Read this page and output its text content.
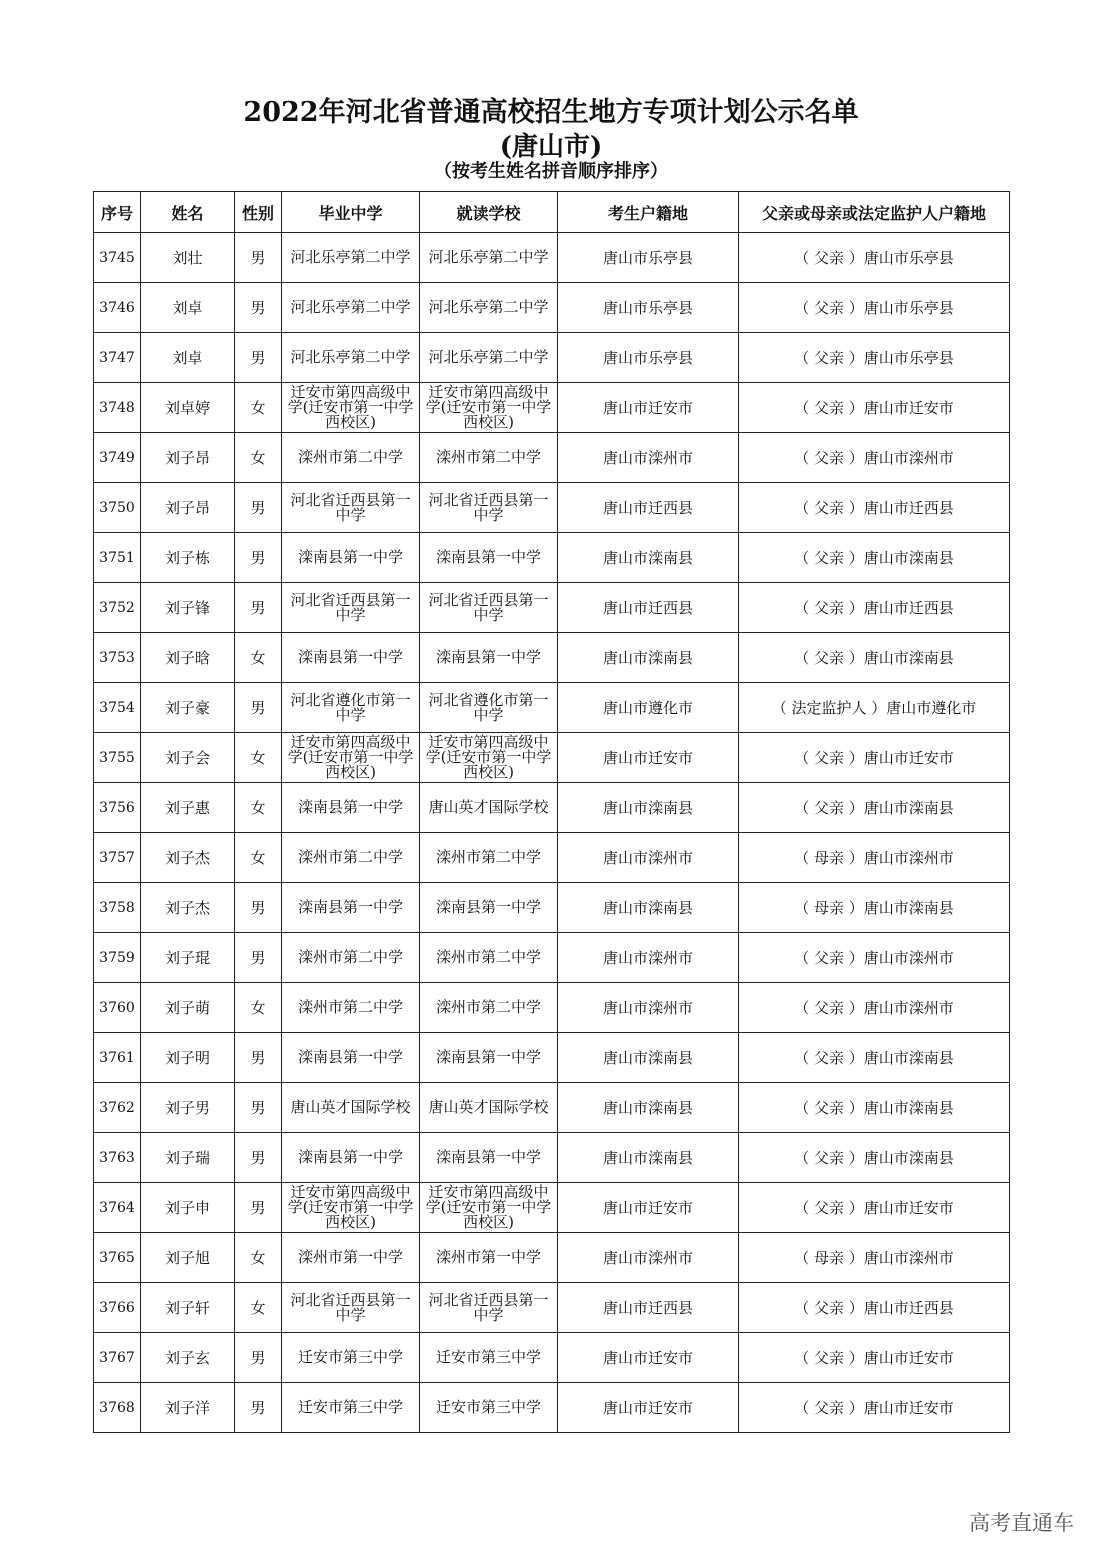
2022年河北省普通高校招生地方专项计划公示名单
(唐山市)
（按考生姓名拼音顺序排序）
序号	姓名	性别	毕业中学	就读学校	考生户籍地	父亲或母亲或法定监护人户籍地
3745	刘壮	男	河北乐亭第二中学	河北乐亭第二中学	唐山市乐亭县	（ 父亲 ）唐山市乐亭县
3746	刘卓	男	河北乐亭第二中学	河北乐亭第二中学	唐山市乐亭县	（ 父亲 ）唐山市乐亭县
3747	刘卓	男	河北乐亭第二中学	河北乐亭第二中学	唐山市乐亭县	（ 父亲 ）唐山市乐亭县
3748	刘卓婷	女	迁安市第四高级中学(迁安市第一中学西校区)	迁安市第四高级中学(迁安市第一中学西校区)	唐山市迁安市	（ 父亲 ）唐山市迁安市
3749	刘子昂	女	滦州市第二中学	滦州市第二中学	唐山市滦州市	（ 父亲 ）唐山市滦州市
3750	刘子昂	男	河北省迁西县第一中学	河北省迁西县第一中学	唐山市迁西县	（ 父亲 ）唐山市迁西县
3751	刘子栋	男	滦南县第一中学	滦南县第一中学	唐山市滦南县	（ 父亲 ）唐山市滦南县
3752	刘子锋	男	河北省迁西县第一中学	河北省迁西县第一中学	唐山市迁西县	（ 父亲 ）唐山市迁西县
3753	刘子晗	女	滦南县第一中学	滦南县第一中学	唐山市滦南县	（ 父亲 ）唐山市滦南县
3754	刘子豪	男	河北省遵化市第一中学	河北省遵化市第一中学	唐山市遵化市	（ 法定监护人 ）唐山市遵化市
3755	刘子会	女	迁安市第四高级中学(迁安市第一中学西校区)	迁安市第四高级中学(迁安市第一中学西校区)	唐山市迁安市	（ 父亲 ）唐山市迁安市
3756	刘子惠	女	滦南县第一中学	唐山英才国际学校	唐山市滦南县	（ 父亲 ）唐山市滦南县
3757	刘子杰	女	滦州市第二中学	滦州市第二中学	唐山市滦州市	（ 母亲 ）唐山市滦州市
3758	刘子杰	男	滦南县第一中学	滦南县第一中学	唐山市滦南县	（ 母亲 ）唐山市滦南县
3759	刘子琨	男	滦州市第二中学	滦州市第二中学	唐山市滦州市	（ 父亲 ）唐山市滦州市
3760	刘子萌	女	滦州市第二中学	滦州市第二中学	唐山市滦州市	（ 父亲 ）唐山市滦州市
3761	刘子明	男	滦南县第一中学	滦南县第一中学	唐山市滦南县	（ 父亲 ）唐山市滦南县
3762	刘子男	男	唐山英才国际学校	唐山英才国际学校	唐山市滦南县	（ 父亲 ）唐山市滦南县
3763	刘子瑞	男	滦南县第一中学	滦南县第一中学	唐山市滦南县	（ 父亲 ）唐山市滦南县
3764	刘子申	男	迁安市第四高级中学(迁安市第一中学西校区)	迁安市第四高级中学(迁安市第一中学西校区)	唐山市迁安市	（ 父亲 ）唐山市迁安市
3765	刘子旭	女	滦州市第一中学	滦州市第一中学	唐山市滦州市	（ 母亲 ）唐山市滦州市
3766	刘子轩	女	河北省迁西县第一中学	河北省迁西县第一中学	唐山市迁西县	（ 父亲 ）唐山市迁西县
3767	刘子玄	男	迁安市第三中学	迁安市第三中学	唐山市迁安市	（ 父亲 ）唐山市迁安市
3768	刘子洋	男	迁安市第三中学	迁安市第三中学	唐山市迁安市	（ 父亲 ）唐山市迁安市
高考直通车
